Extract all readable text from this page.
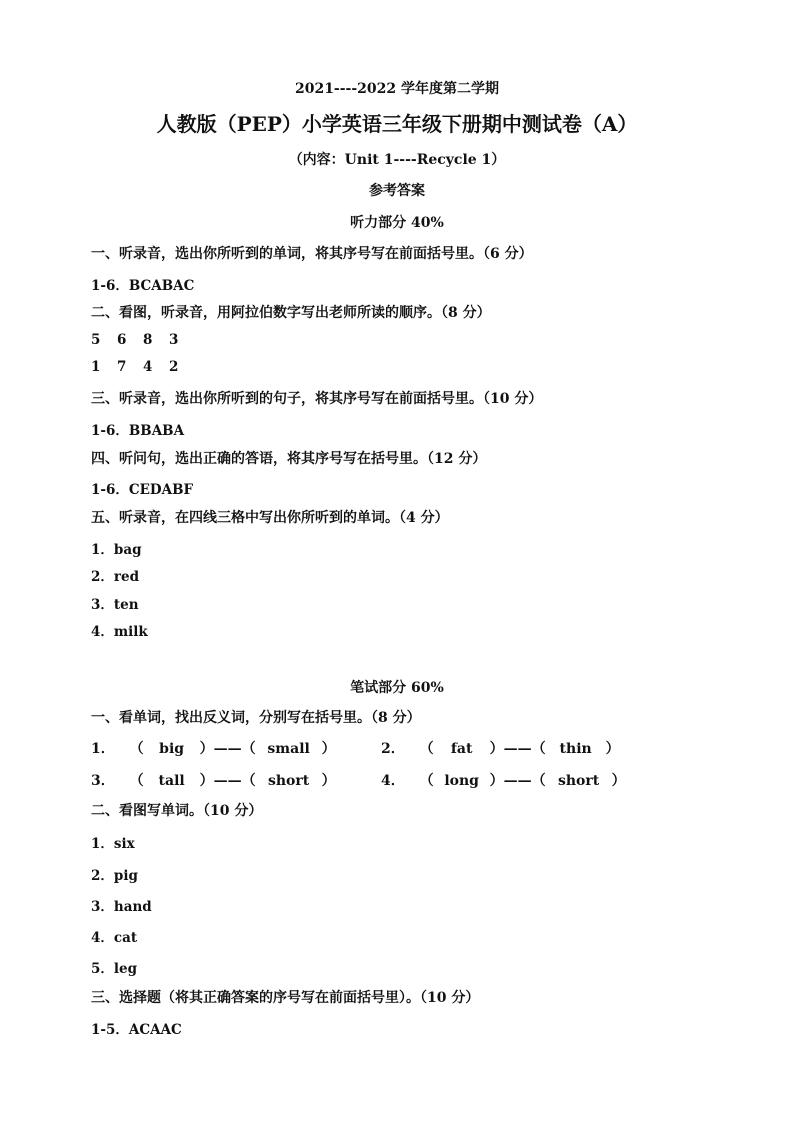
2021----2022 学年度第二学期
人教版（PEP）小学英语三年级下册期中测试卷（A）
（内容：Unit 1----Recycle 1）
参考答案
听力部分 40%
一、听录音，选出你所听到的单词，将其序号写在前面括号里。（6 分）
1-6．BCABAC
二、看图，听录音，用阿拉伯数字写出老师所读的顺序。（8 分）
5 6 8 3
1 7 4 2
三、听录音，选出你所听到的句子，将其序号写在前面括号里。（10 分）
1-6．BBABA
四、听问句，选出正确的答语，将其序号写在括号里。（12 分）
1-6．CEDABF
五、听录音，在四线三格中写出你所听到的单词。（4 分）
1．bag
2．red
3．ten
4．milk
笔试部分 60%
一、看单词，找出反义词，分别写在括号里。（8 分）
1． （ big ）——（ small ）	2． （ fat ）——（ thin ）
3． （ tall ）——（ short ）	4． （ long ）——（ short ）
二、看图写单词。（10 分）
1．six
2．pig
3．hand
4．cat
5．leg
三、选择题（将其正确答案的序号写在前面括号里）。（10 分）
1-5．ACAAC
